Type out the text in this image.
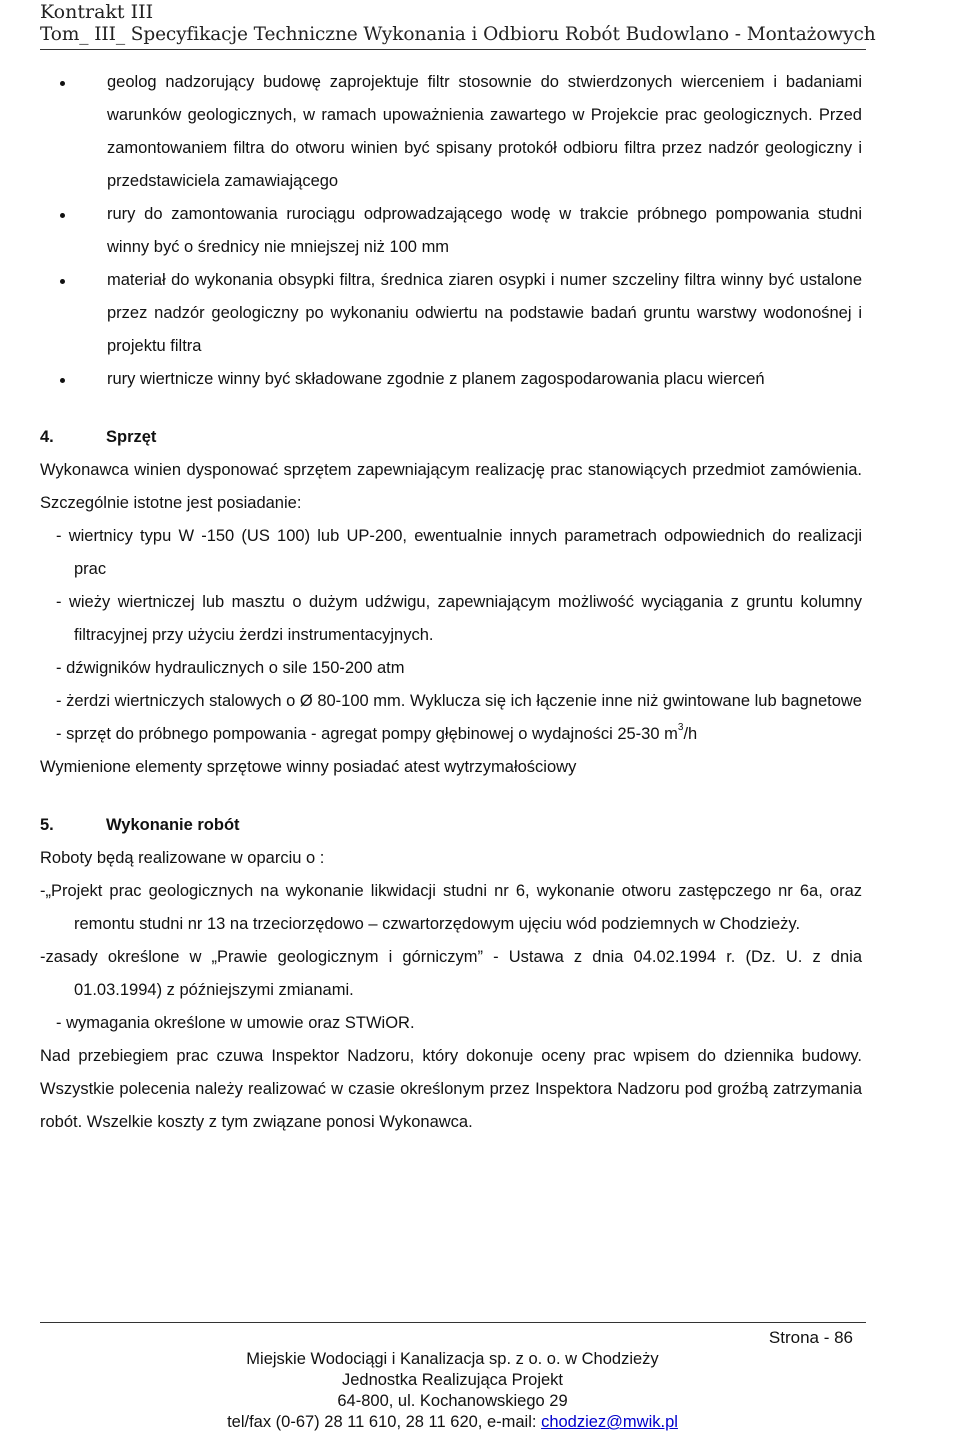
Kontrakt III
Tom_ III_ Specyfikacje Techniczne Wykonania i Odbioru Robót Budowlano - Montażowych
geolog nadzorujący budowę zaprojektuje filtr stosownie do stwierdzonych wierceniem i badaniami warunków geologicznych, w ramach upoważnienia zawartego w Projekcie prac geologicznych. Przed zamontowaniem filtra do otworu winien być spisany protokół odbioru filtra przez nadzór geologiczny i przedstawiciela zamawiającego
rury do zamontowania rurociągu odprowadzającego wodę w trakcie próbnego pompowania studni winny być o średnicy nie mniejszej niż 100 mm
materiał do wykonania obsypki filtra, średnica ziaren osypki i numer szczeliny filtra winny być ustalone przez nadzór geologiczny po wykonaniu odwiertu na podstawie badań gruntu warstwy wodonośnej i projektu filtra
rury wiertnicze winny być składowane zgodnie z planem zagospodarowania placu wierceń
4.	Sprzęt

Wykonawca winien dysponować sprzętem zapewniającym realizację prac stanowiących przedmiot zamówienia. Szczególnie istotne jest posiadanie:

- wiertnicy typu W -150 (US 100) lub UP-200, ewentualnie innych parametrach odpowiednich do realizacji prac

- wieży wiertniczej lub masztu o dużym udźwigu, zapewniającym możliwość wyciągania z gruntu kolumny filtracyjnej przy użyciu żerdzi instrumentacyjnych.

- dźwigników hydraulicznych o sile 150-200 atm

- żerdzi wiertniczych stalowych o Ø 80-100 mm. Wyklucza się ich łączenie inne niż gwintowane lub bagnetowe

- sprzęt do próbnego pompowania - agregat pompy głębinowej o wydajności 25-30 $m^3/h$

Wymienione elementy sprzętowe winny posiadać atest wytrzymałościowy

5.	Wykonanie robót

Roboty będą realizowane w oparciu o :

-„Projekt prac geologicznych na wykonanie likwidacji studni nr 6, wykonanie otworu zastępczego nr 6a, oraz remontu studni nr 13 na trzeciorzędowo – czwartorzędowym ujęciu wód podziemnych w Chodzieży.

-zasady określone w „Prawie geologicznym i górniczym” - Ustawa z dnia 04.02.1994 r. (Dz. U. z dnia 01.03.1994) z późniejszymi zmianami.

- wymagania określone w umowie oraz STWiOR.

Nad przebiegiem prac czuwa Inspektor Nadzoru, który dokonuje oceny prac wpisem do dziennika budowy. Wszystkie polecenia należy realizować w czasie określonym przez Inspektora Nadzoru pod groźbą zatrzymania robót. Wszelkie koszty z tym związane ponosi Wykonawca.

Strona - 86
Miejskie Wodociągi i Kanalizacja sp. z o. o. w Chodzieży
Jednostka Realizująca Projekt
64-800, ul. Kochanowskiego 29
tel/fax (0-67) 28 11 610, 28 11 620, e-mail: chodziez@mwik.pl
